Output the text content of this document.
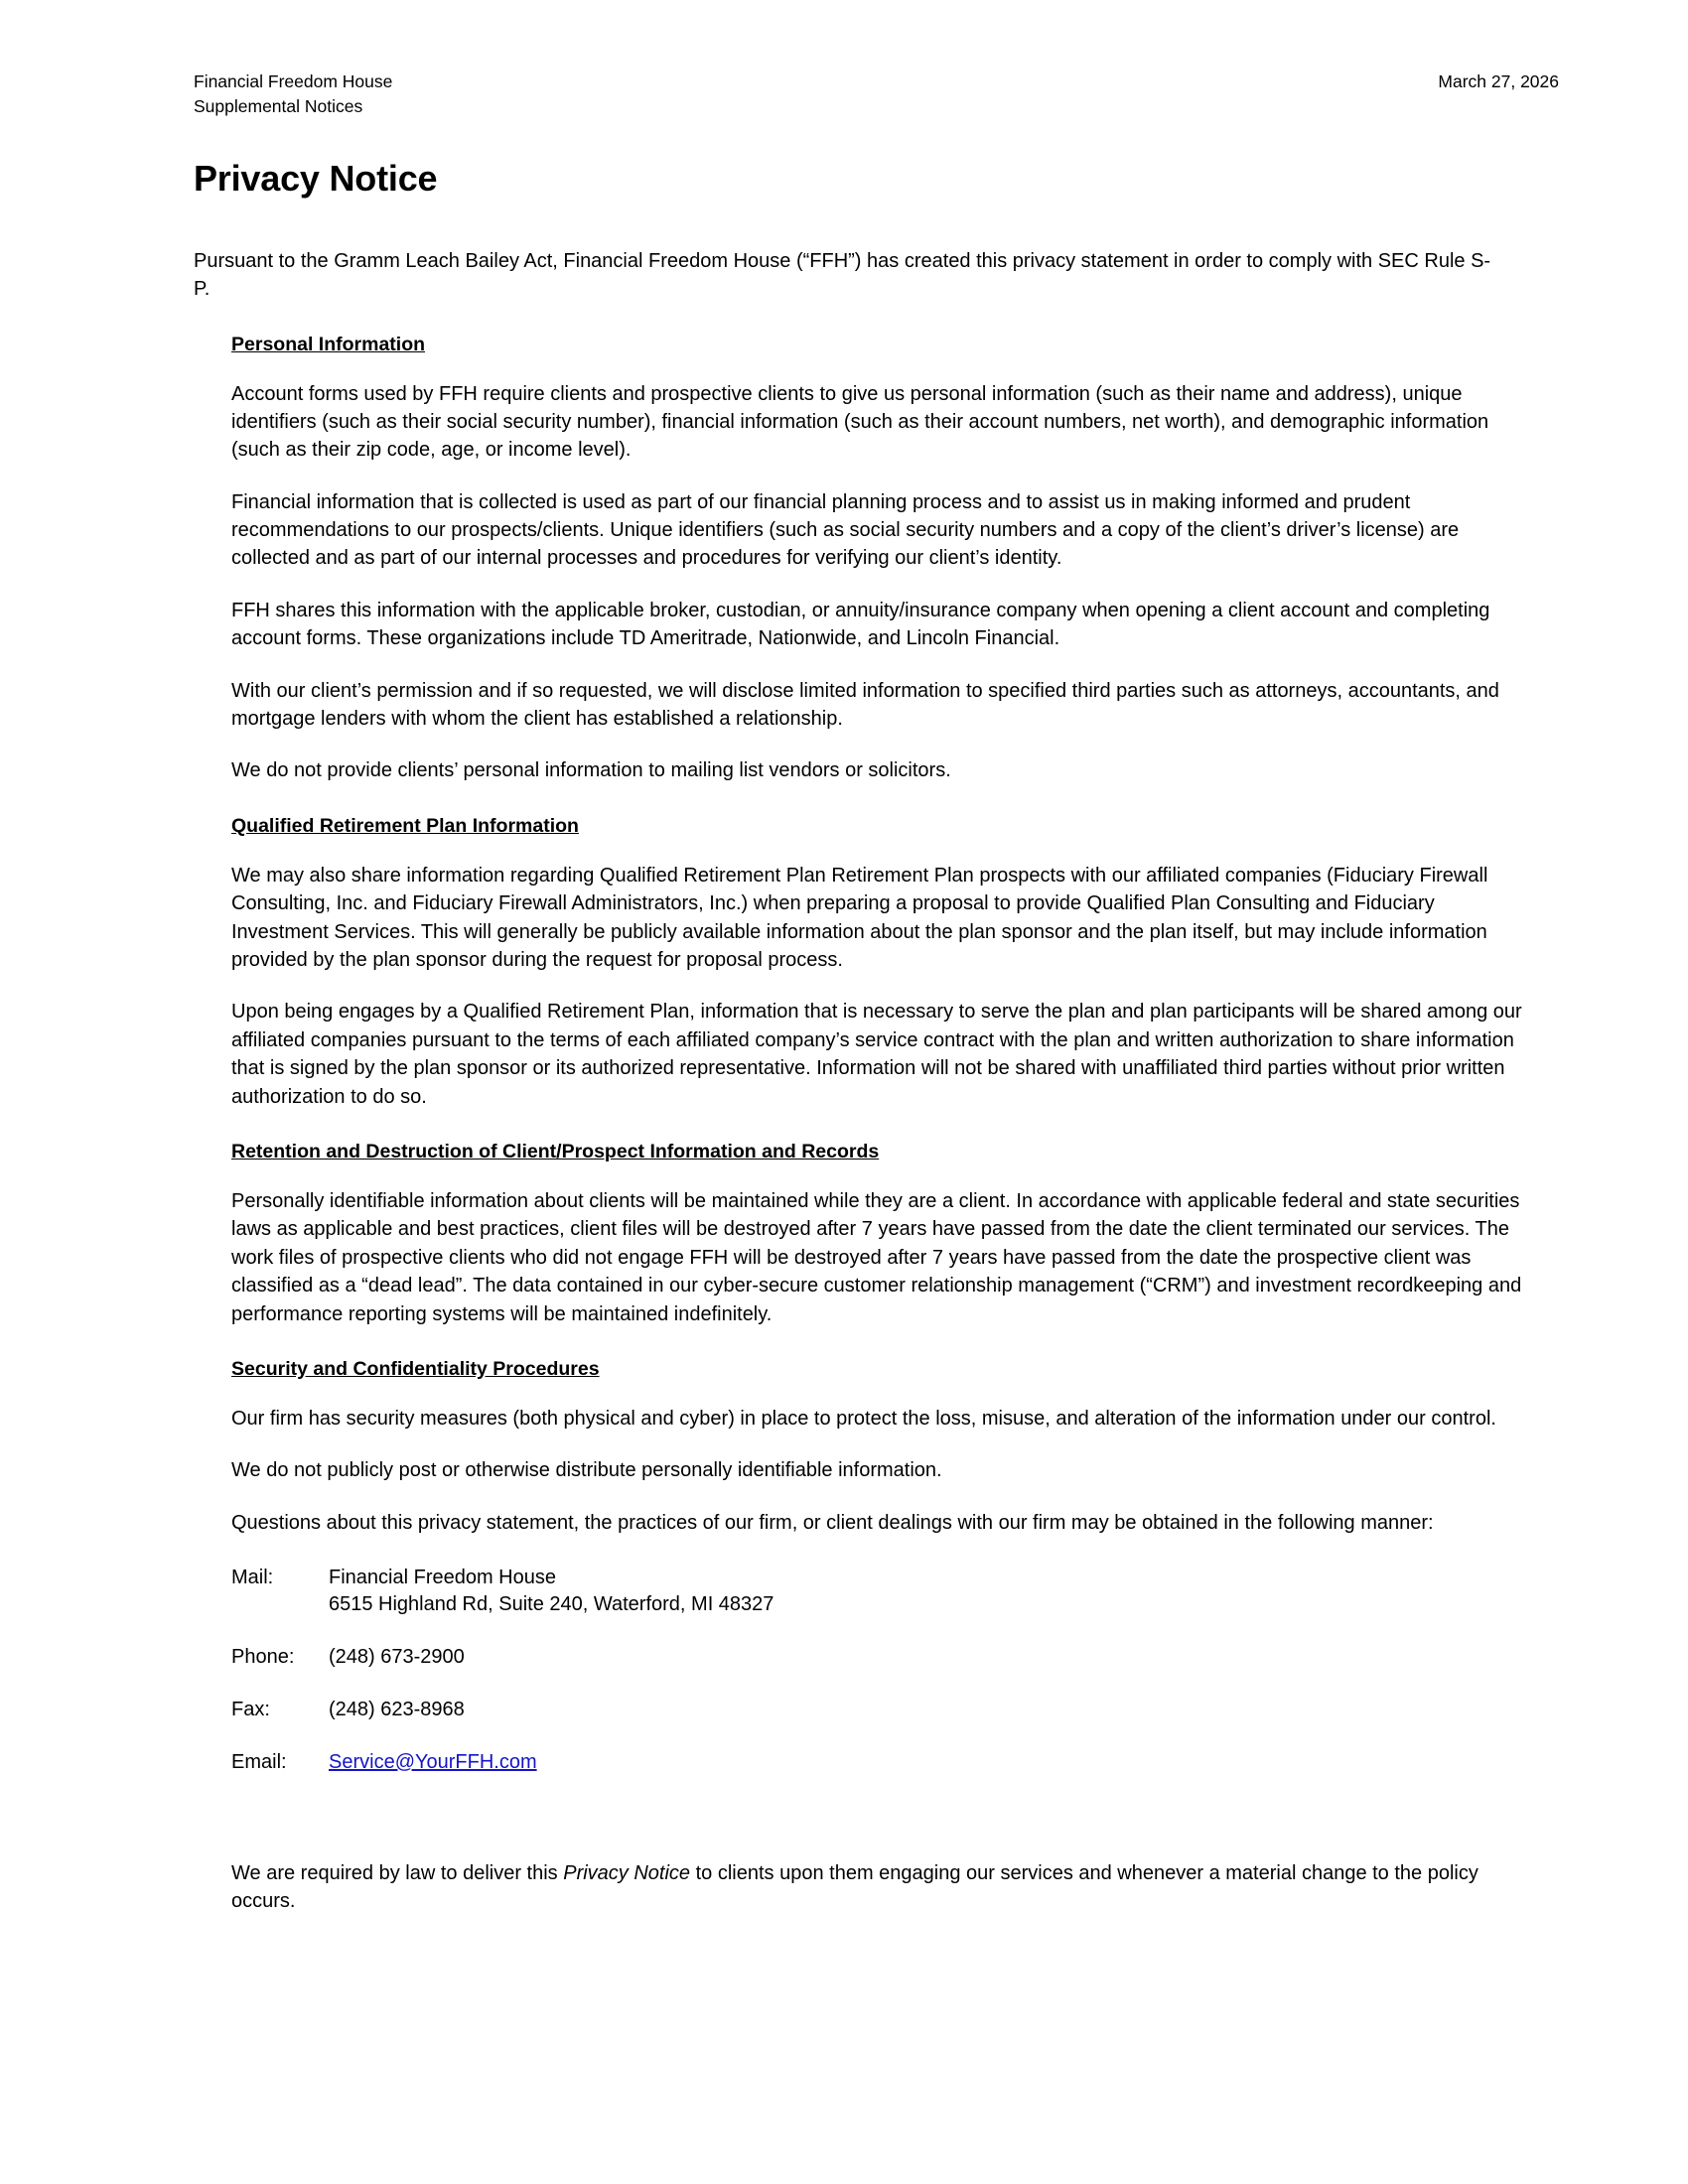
Financial Freedom House
Supplemental Notices
March 27, 2026
Privacy Notice

Pursuant to the Gramm Leach Bailey Act, Financial Freedom House (“FFH”) has created this privacy statement in order to comply with SEC Rule S-P.

Personal Information

Account forms used by FFH require clients and prospective clients to give us personal information (such as their name and address), unique identifiers (such as their social security number), financial information (such as their account numbers, net worth), and demographic information (such as their zip code, age, or income level).

Financial information that is collected is used as part of our financial planning process and to assist us in making informed and prudent recommendations to our prospects/clients. Unique identifiers (such as social security numbers and a copy of the client’s driver’s license) are collected and as part of our internal processes and procedures for verifying our client’s identity.

FFH shares this information with the applicable broker, custodian, or annuity/insurance company when opening a client account and completing account forms. These organizations include TD Ameritrade, Nationwide, and Lincoln Financial.

With our client’s permission and if so requested, we will disclose limited information to specified third parties such as attorneys, accountants, and mortgage lenders with whom the client has established a relationship.

We do not provide clients’ personal information to mailing list vendors or solicitors.

Qualified Retirement Plan Information

We may also share information regarding Qualified Retirement Plan Retirement Plan prospects with our affiliated companies (Fiduciary Firewall Consulting, Inc. and Fiduciary Firewall Administrators, Inc.) when preparing a proposal to provide Qualified Plan Consulting and Fiduciary Investment Services. This will generally be publicly available information about the plan sponsor and the plan itself, but may include information provided by the plan sponsor during the request for proposal process.

Upon being engages by a Qualified Retirement Plan, information that is necessary to serve the plan and plan participants will be shared among our affiliated companies pursuant to the terms of each affiliated company’s service contract with the plan and written authorization to share information that is signed by the plan sponsor or its authorized representative. Information will not be shared with unaffiliated third parties without prior written authorization to do so.

Retention and Destruction of Client/Prospect Information and Records

Personally identifiable information about clients will be maintained while they are a client. In accordance with applicable federal and state securities laws as applicable and best practices, client files will be destroyed after 7 years have passed from the date the client terminated our services. The work files of prospective clients who did not engage FFH will be destroyed after 7 years have passed from the date the prospective client was classified as a “dead lead”. The data contained in our cyber-secure customer relationship management (“CRM”) and investment recordkeeping and performance reporting systems will be maintained indefinitely.

Security and Confidentiality Procedures

Our firm has security measures (both physical and cyber) in place to protect the loss, misuse, and alteration of the information under our control.

We do not publicly post or otherwise distribute personally identifiable information.

Questions about this privacy statement, the practices of our firm, or client dealings with our firm may be obtained in the following manner:

Mail:	Financial Freedom House
6515 Highland Rd, Suite 240, Waterford, MI 48327

Phone:	(248) 673-2900
Fax:	(248) 623-8968
Email:	Service@YourFFH.com

We are required by law to deliver this Privacy Notice to clients upon them engaging our services and whenever a material change to the policy occurs.
